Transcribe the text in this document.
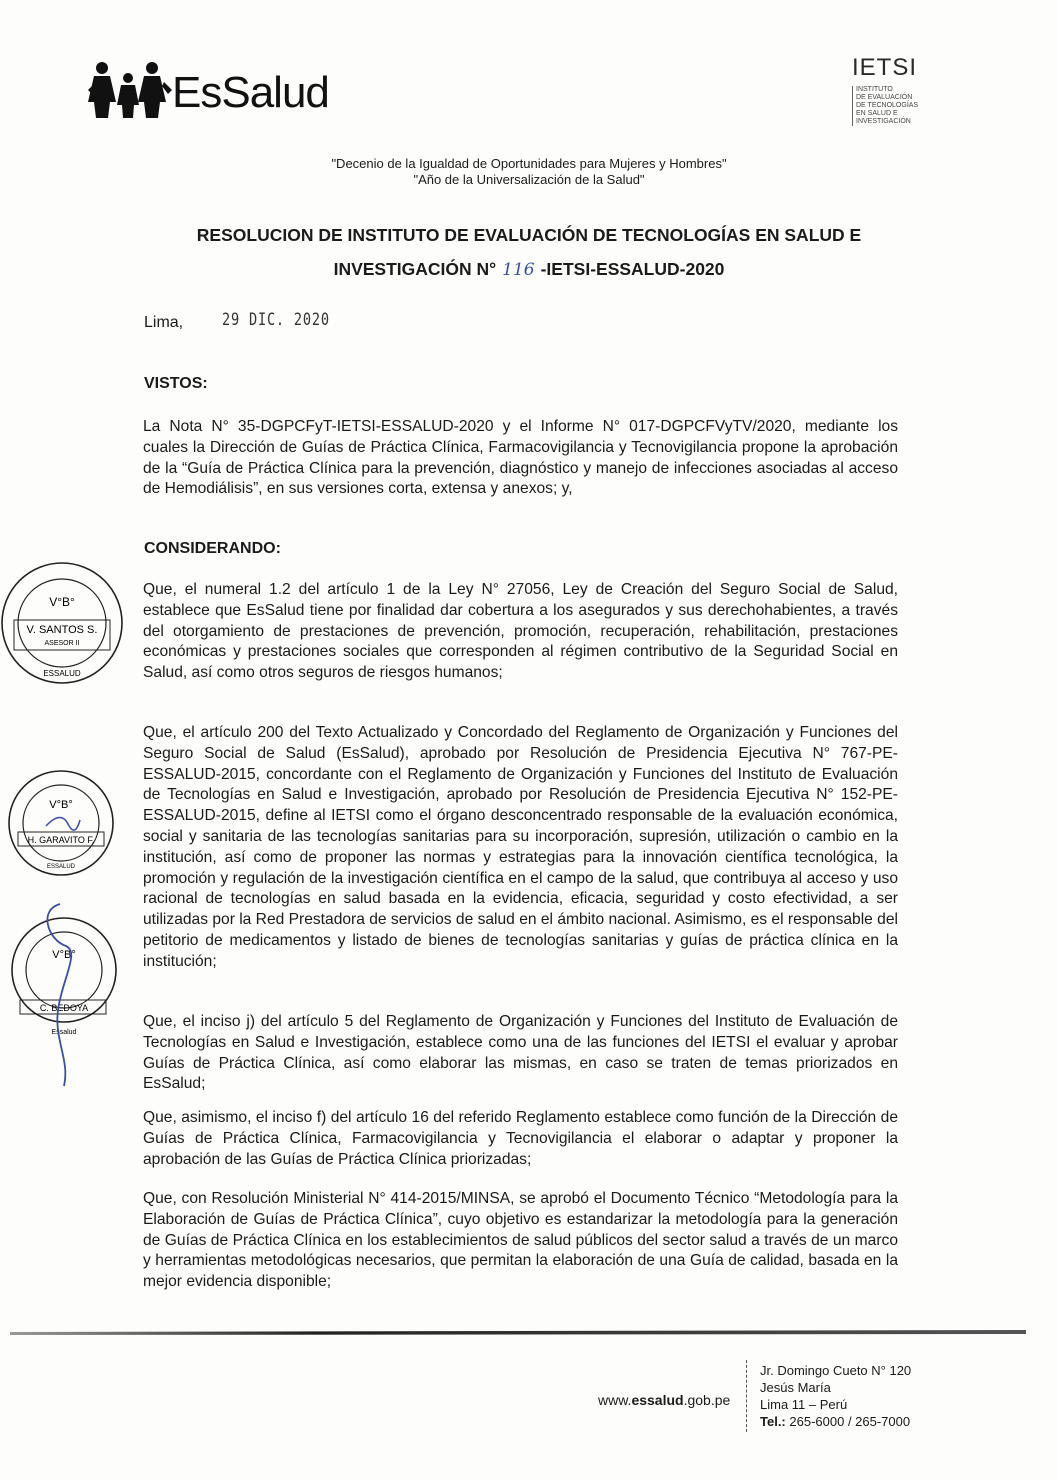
EsSalud
IETSI
INSTITUTO
DE EVALUACIÓN
DE TECNOLOGÍAS
EN SALUD E
INVESTIGACIÓN
"Decenio de la Igualdad de Oportunidades para Mujeres y Hombres"
"Año de la Universalización de la Salud"
RESOLUCION DE INSTITUTO DE EVALUACIÓN DE TECNOLOGÍAS EN SALUD E
INVESTIGACIÓN N° 116 -IETSI-ESSALUD-2020
Lima, 29 DIC. 2020
VISTOS:

La Nota N° 35-DGPCFyT-IETSI-ESSALUD-2020 y el Informe N° 017-DGPCFVyTV/2020, mediante los cuales la Dirección de Guías de Práctica Clínica, Farmacovigilancia y Tecnovigilancia propone la aprobación de la “Guía de Práctica Clínica para la prevención, diagnóstico y manejo de infecciones asociadas al acceso de Hemodiálisis”, en sus versiones corta, extensa y anexos; y,

CONSIDERANDO:

Que, el numeral 1.2 del artículo 1 de la Ley N° 27056, Ley de Creación del Seguro Social de Salud, establece que EsSalud tiene por finalidad dar cobertura a los asegurados y sus derechohabientes, a través del otorgamiento de prestaciones de prevención, promoción, recuperación, rehabilitación, prestaciones económicas y prestaciones sociales que corresponden al régimen contributivo de la Seguridad Social en Salud, así como otros seguros de riesgos humanos;

Que, el artículo 200 del Texto Actualizado y Concordado del Reglamento de Organización y Funciones del Seguro Social de Salud (EsSalud), aprobado por Resolución de Presidencia Ejecutiva N° 767-PE-ESSALUD-2015, concordante con el Reglamento de Organización y Funciones del Instituto de Evaluación de Tecnologías en Salud e Investigación, aprobado por Resolución de Presidencia Ejecutiva N° 152-PE-ESSALUD-2015, define al IETSI como el órgano desconcentrado responsable de la evaluación económica, social y sanitaria de las tecnologías sanitarias para su incorporación, supresión, utilización o cambio en la institución, así como de proponer las normas y estrategias para la innovación científica tecnológica, la promoción y regulación de la investigación científica en el campo de la salud, que contribuya al acceso y uso racional de tecnologías en salud basada en la evidencia, eficacia, seguridad y costo efectividad, a ser utilizadas por la Red Prestadora de servicios de salud en el ámbito nacional. Asimismo, es el responsable del petitorio de medicamentos y listado de bienes de tecnologías sanitarias y guías de práctica clínica en la institución;

Que, el inciso j) del artículo 5 del Reglamento de Organización y Funciones del Instituto de Evaluación de Tecnologías en Salud e Investigación, establece como una de las funciones del IETSI el evaluar y aprobar Guías de Práctica Clínica, así como elaborar las mismas, en caso se traten de temas priorizados en EsSalud;

Que, asimismo, el inciso f) del artículo 16 del referido Reglamento establece como función de la Dirección de Guías de Práctica Clínica, Farmacovigilancia y Tecnovigilancia el elaborar o adaptar y proponer la aprobación de las Guías de Práctica Clínica priorizadas;

Que, con Resolución Ministerial N° 414-2015/MINSA, se aprobó el Documento Técnico “Metodología para la Elaboración de Guías de Práctica Clínica”, cuyo objetivo es estandarizar la metodología para la generación de Guías de Práctica Clínica en los establecimientos de salud públicos del sector salud a través de un marco y herramientas metodológicas necesarios, que permitan la elaboración de una Guía de calidad, basada en la mejor evidencia disponible;

V°B°
V. SANTOS S.
ASESOR II
ESSALUD
V°B°
H. GARAVITO F.
ESSALUD
V°B°
C. BEDOYA
Essalud
www.essalud.gob.pe
Jr. Domingo Cueto N° 120
Jesús María
Lima 11 – Perú
Tel.: 265-6000 / 265-7000
